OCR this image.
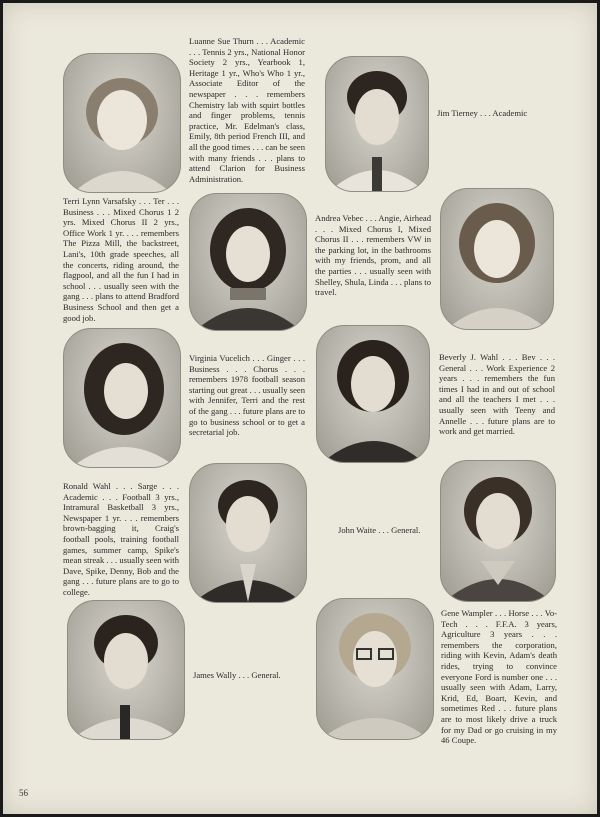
Luanne Sue Thurn . . . Academic . . . Tennis 2 yrs., National Honor Society 2 yrs., Yearbook 1, Heritage 1 yr., Who's Who 1 yr., Associate Editor of the newspaper . . . remembers Chemistry lab with squirt bottles and finger problems, tennis practice, Mr. Edelman's class, Emily, 8th period French III, and all the good times . . . can be seen with many friends . . . plans to attend Clarion for Business Administration.
Jim Tierney . . . Academic
Terri Lynn Varsafsky . . . Ter . . . Business . . . Mixed Chorus 1 2 yrs. Mixed Chorus II 2 yrs., Office Work 1 yr. . . . remembers The Pizza Mill, the backstreet, Lani's, 10th grade speeches, all the concerts, riding around, the flagpool, and all the fun I had in school . . . usually seen with the gang . . . plans to attend Bradford Business School and then get a good job.
Andrea Vebec . . . Angie, Airhead . . . Mixed Chorus I, Mixed Chorus II . . . remembers VW in the parking lot, in the bathrooms with my friends, prom, and all the parties . . . usually seen with Shelley, Shula, Linda . . . plans to travel.
Virginia Vucelich . . . Ginger . . . Business . . . Chorus . . . remembers 1978 football season starting out great . . . usually seen with Jennifer, Terri and the rest of the gang . . . future plans are to go to business school or to get a secretarial job.
Beverly J. Wahl . . . Bev . . . General . . . Work Experience 2 years . . . remembers the fun times I had in and out of school and all the teachers I met . . . usually seen with Teeny and Annelle . . . future plans are to work and get married.
Ronald Wahl . . . Sarge . . . Academic . . . Football 3 yrs., Intramural Basketball 3 yrs., Newspaper 1 yr. . . . remembers brown-bagging it, Craig's football pools, training football games, summer camp, Spike's mean streak . . . usually seen with Dave, Spike, Denny, Bob and the gang . . . future plans are to go to college.
John Waite . . . General.
James Wally . . . General.
Gene Wampler . . . Horse . . . Vo-Tech . . . F.F.A. 3 years, Agriculture 3 years . . . remembers the corporation, riding with Kevin, Adam's death rides, trying to convince everyone Ford is number one . . . usually seen with Adam, Larry, Krid, Ed, Boart, Kevin, and sometimes Red . . . future plans are to most likely drive a truck for my Dad or go cruising in my 46 Coupe.
56
